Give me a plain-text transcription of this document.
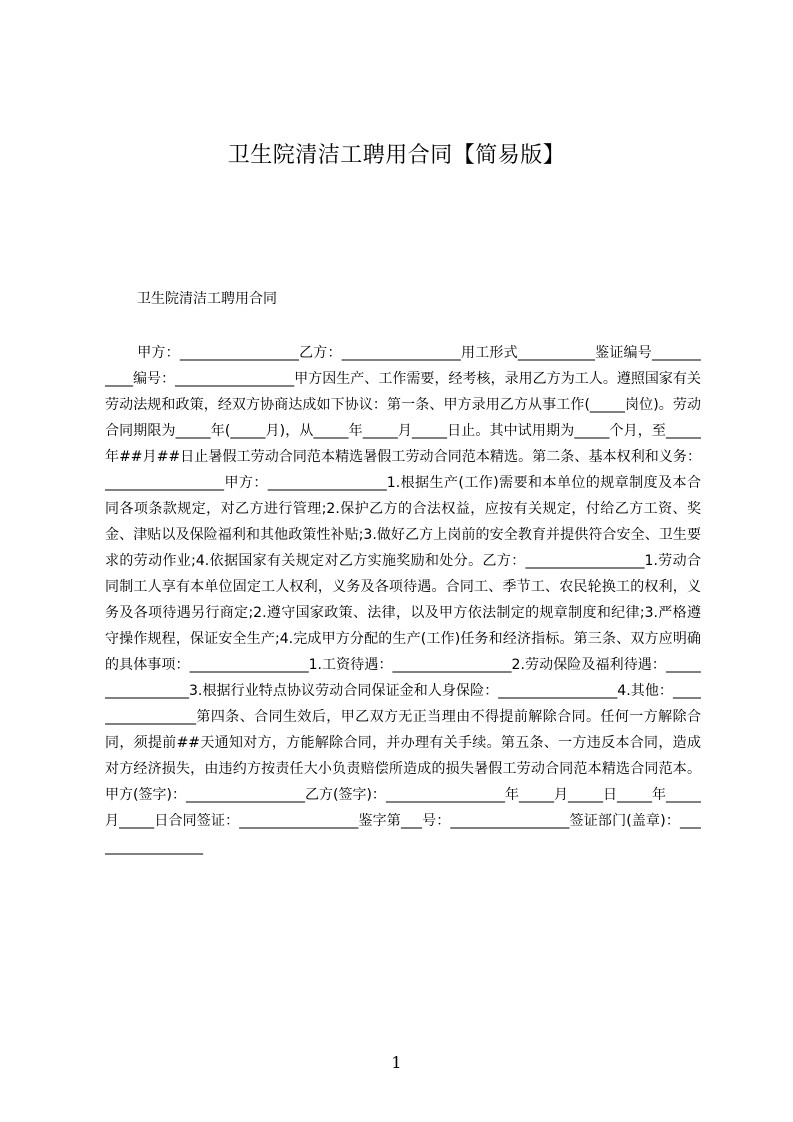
卫生院清洁工聘用合同【简易版】

卫生院清洁工聘用合同

甲方：_________________乙方：_________________用工形式___________鉴证编号___________编号：_________________甲方因生产、工作需要，经考核，录用乙方为工人。遵照国家有关劳动法规和政策，经双方协商达成如下协议：第一条、甲方录用乙方从事工作(_____岗位)。劳动合同期限为_____年(_____月)，从_____年_____月_____日止。其中试用期为_____个月，至_____年##月##日止暑假工劳动合同范本精选暑假工劳动合同范本精选。第二条、基本权利和义务：_________________甲方：_________________1.根据生产(工作)需要和本单位的规章制度及本合同各项条款规定，对乙方进行管理;2.保护乙方的合法权益，应按有关规定，付给乙方工资、奖金、津贴以及保险福利和其他政策性补贴;3.做好乙方上岗前的安全教育并提供符合安全、卫生要求的劳动作业;4.依据国家有关规定对乙方实施奖励和处分。乙方：_________________1.劳动合同制工人享有本单位固定工人权利，义务及各项待遇。合同工、季节工、农民轮换工的权利，义务及各项待遇另行商定;2.遵守国家政策、法律，以及甲方依法制定的规章制度和纪律;3.严格遵守操作规程，保证安全生产;4.完成甲方分配的生产(工作)任务和经济指标。第三条、双方应明确的具体事项：_________________1.工资待遇：_________________2.劳动保险及福利待遇：_________________3.根据行业特点协议劳动合同保证金和人身保险：_________________4.其他：_________________第四条、合同生效后，甲乙双方无正当理由不得提前解除合同。任何一方解除合同，须提前##天通知对方，方能解除合同，并办理有关手续。第五条、一方违反本合同，造成对方经济损失，由违约方按责任大小负责赔偿所造成的损失暑假工劳动合同范本精选合同范本。甲方(签字)：_________________乙方(签字)：_________________年_____月_____日_____年_____月_____日合同签证：_________________鉴字第___号：_________________签证部门(盖章)：_________________

1
